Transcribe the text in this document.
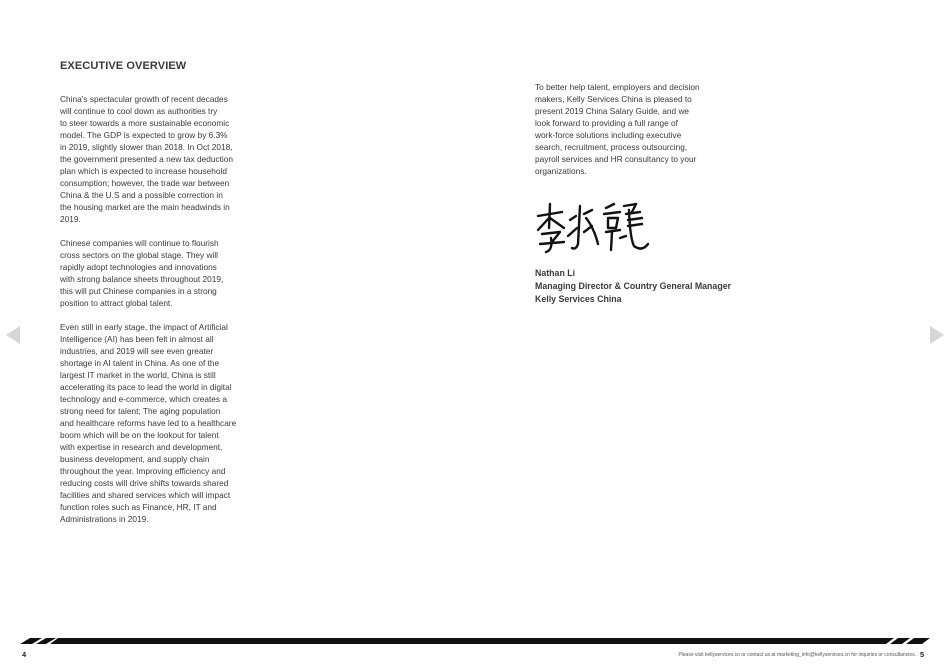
EXECUTIVE OVERVIEW

China’s spectacular growth of recent decades
will continue to cool down as authorities try
to steer towards a more sustainable economic
model. The GDP is expected to grow by 6.3%
in 2019, slightly slower than 2018. In Oct 2018,
the government presented a new tax deduction
plan which is expected to increase household
consumption; however, the trade war between
China & the U.S and a possible correction in
the housing market are the main headwinds in
2019.

Chinese companies will continue to flourish
cross sectors on the global stage. They will
rapidly adopt technologies and innovations
with strong balance sheets throughout 2019,
this will put Chinese companies in a strong
position to attract global talent.

Even still in early stage, the impact of Artificial
Intelligence (AI) has been felt in almost all
industries, and 2019 will see even greater
shortage in AI talent in China. As one of the
largest IT market in the world, China is still
accelerating its pace to lead the world in digital
technology and e-commerce, which creates a
strong need for talent; The aging population
and healthcare reforms have led to a healthcare
boom which will be on the lookout for talent
with expertise in research and development,
business development, and supply chain
throughout the year. Improving efficiency and
reducing costs will drive shifts towards shared
facilities and shared services which will impact
function roles such as Finance, HR, IT and
Administrations in 2019.

To better help talent, employers and decision
makers, Kelly Services China is pleased to
present 2019 China Salary Guide, and we
look forward to providing a full range of
work-force solutions including executive
search, recruitment, process outsourcing,
payroll services and HR consultancy to your
organizations.

Nathan Li
Managing Director & Country General Manager
Kelly Services China
4	Please visit kellyservices.cn or contact us at marketing_info@kellyservices.cn for inquiries or consultancies. 5
